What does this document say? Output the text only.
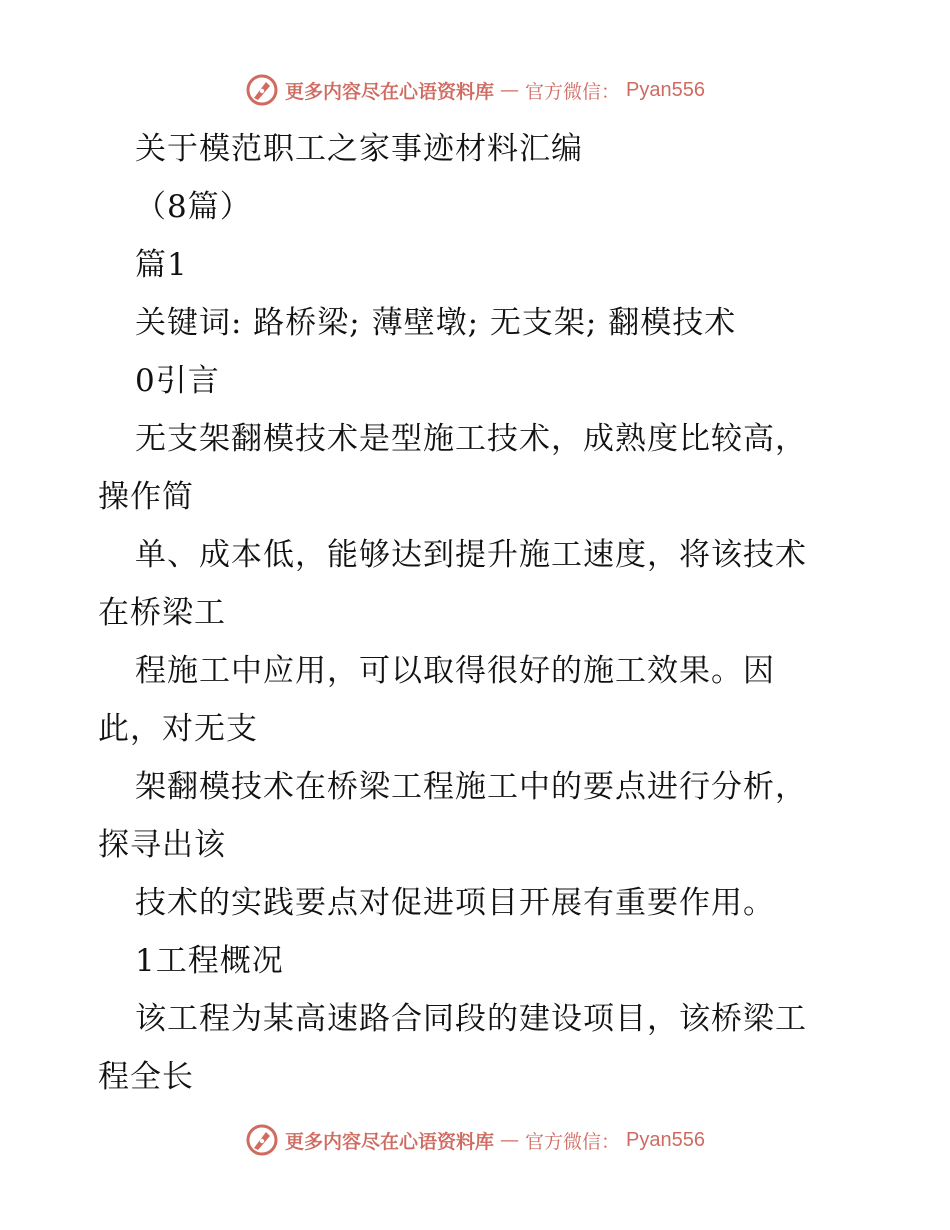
更多内容尽在心语资料库 — 官方微信： Pyan556
关于模范职工之家事迹材料汇编
（8篇）
篇1
关键词: 路桥梁; 薄壁墩; 无支架; 翻模技术
0引言
无支架翻模技术是型施工技术，成熟度比较高，
操作简
单、成本低，能够达到提升施工速度，将该技术
在桥梁工
程施工中应用，可以取得很好的施工效果。因
此，对无支
架翻模技术在桥梁工程施工中的要点进行分析，
探寻出该
技术的实践要点对促进项目开展有重要作用。
1工程概况
该工程为某高速路合同段的建设项目，该桥梁工
程全长
更多内容尽在心语资料库 — 官方微信： Pyan556
